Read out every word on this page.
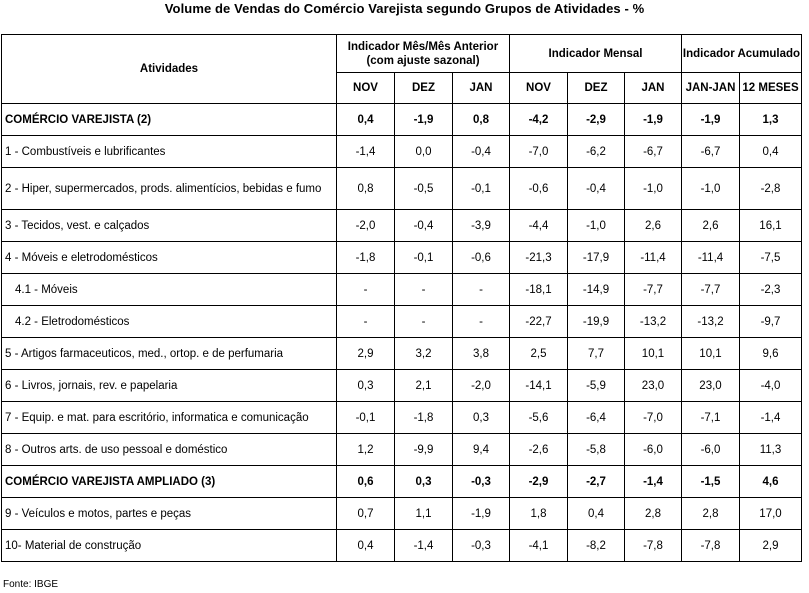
Volume de Vendas do Comércio Varejista segundo Grupos de Atividades - %
Atividades	Indicador Mês/Mês Anterior (com ajuste sazonal)			Indicador Mensal			Indicador Acumulado	
	NOV	DEZ	JAN	NOV	DEZ	JAN	JAN-JAN	12 MESES
COMÉRCIO VAREJISTA (2)	0,4	-1,9	0,8	-4,2	-2,9	-1,9	-1,9	1,3
1 - Combustíveis e lubrificantes	-1,4	0,0	-0,4	-7,0	-6,2	-6,7	-6,7	0,4
2 - Hiper, supermercados, prods. alimentícios, bebidas e fumo	0,8	-0,5	-0,1	-0,6	-0,4	-1,0	-1,0	-2,8
3 - Tecidos, vest. e calçados	-2,0	-0,4	-3,9	-4,4	-1,0	2,6	2,6	16,1
4 - Móveis e eletrodomésticos	-1,8	-0,1	-0,6	-21,3	-17,9	-11,4	-11,4	-7,5
4.1 - Móveis	-	-	-	-18,1	-14,9	-7,7	-7,7	-2,3
4.2 - Eletrodomésticos	-	-	-	-22,7	-19,9	-13,2	-13,2	-9,7
5 - Artigos farmaceuticos, med., ortop. e de perfumaria	2,9	3,2	3,8	2,5	7,7	10,1	10,1	9,6
6 - Livros, jornais, rev. e papelaria	0,3	2,1	-2,0	-14,1	-5,9	23,0	23,0	-4,0
7 - Equip. e mat. para escritório, informatica e comunicação	-0,1	-1,8	0,3	-5,6	-6,4	-7,0	-7,1	-1,4
8 - Outros arts. de uso pessoal e doméstico	1,2	-9,9	9,4	-2,6	-5,8	-6,0	-6,0	11,3
COMÉRCIO VAREJISTA AMPLIADO (3)	0,6	0,3	-0,3	-2,9	-2,7	-1,4	-1,5	4,6
9 - Veículos e motos, partes e peças	0,7	1,1	-1,9	1,8	0,4	2,8	2,8	17,0
10- Material de construção	0,4	-1,4	-0,3	-4,1	-8,2	-7,8	-7,8	2,9
Fonte: IBGE
